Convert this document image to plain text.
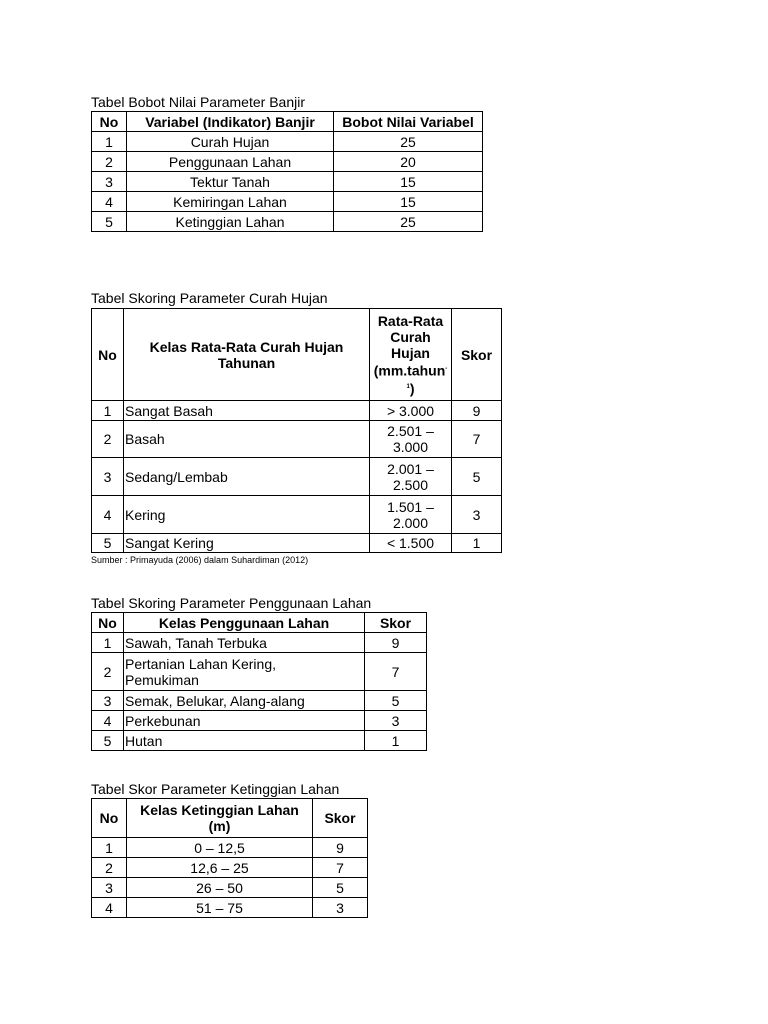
Tabel Bobot Nilai Parameter Banjir
No	Variabel (Indikator) Banjir	Bobot Nilai Variabel
1	Curah Hujan	25
2	Penggunaan Lahan	20
3	Tektur Tanah	15
4	Kemiringan Lahan	15
5	Ketinggian Lahan	25
Tabel Skoring Parameter Curah Hujan
No	Kelas Rata-Rata Curah Hujan Tahunan	Rata-Rata Curah Hujan (mm.tahun$^{-1}$)	Skor
1	Sangat Basah	> 3.000	9
2	Basah	2.501 – 3.000	7
3	Sedang/Lembab	2.001 – 2.500	5
4	Kering	1.501 – 2.000	3
5	Sangat Kering	< 1.500	1
Sumber : Primayuda (2006) dalam Suhardiman (2012)
Tabel Skoring Parameter Penggunaan Lahan
No	Kelas Penggunaan Lahan	Skor
1	Sawah, Tanah Terbuka	9
2	Pertanian Lahan Kering, Pemukiman	7
3	Semak, Belukar, Alang-alang	5
4	Perkebunan	3
5	Hutan	1
Tabel Skor Parameter Ketinggian Lahan
No	Kelas Ketinggian Lahan (m)	Skor
1	0 – 12,5	9
2	12,6 – 25	7
3	26 – 50	5
4	51 – 75	3
